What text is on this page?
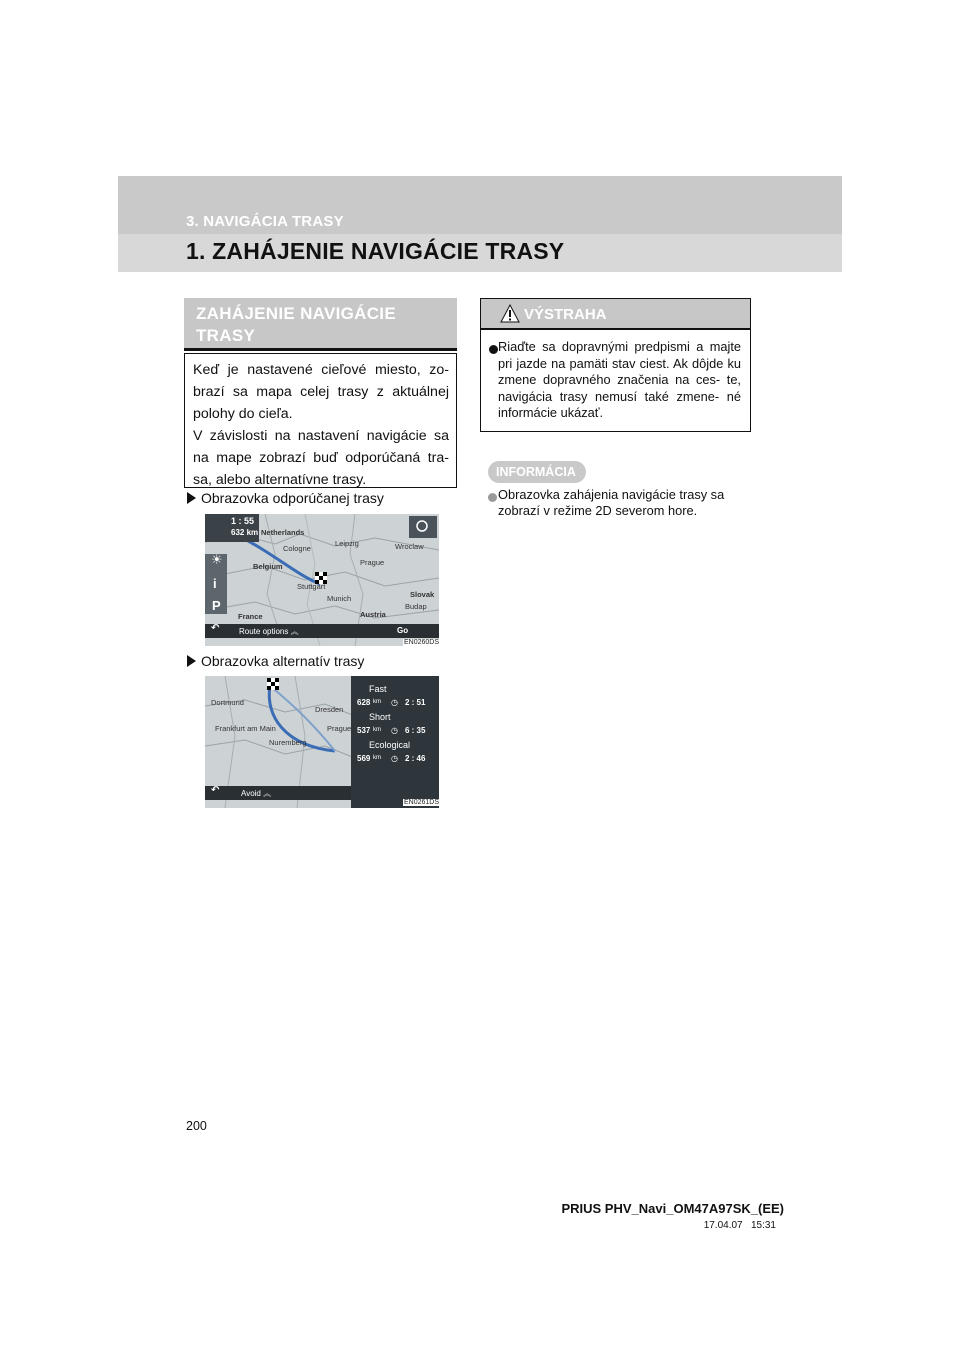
3. NAVIGÁCIA TRASY
1. ZAHÁJENIE NAVIGÁCIE TRASY
ZAHÁJENIE NAVIGÁCIE TRASY
Keď je nastavené cieľové miesto, zo- brazí sa mapa celej trasy z aktuálnej polohy do cieľa.
V závislosti na nastavení navigácie sa na mape zobrazí buď odporúčaná tra- sa, alebo alternatívne trasy.
Obrazovka odporúčanej trasy
1 : 55
632 km Netherlands
Leipzig	Wroclaw
Cologne
Belgium	Prague
Stuttgart
Munich	Slovak
Austria
Budap
France
☀
i
P
↶ Route options ︽	Go
EN0260DS
Obrazovka alternatív trasy
Dortmund
Dresden
Frankfurt am Main	Prague
Nuremberg
Fast
628 km ◷ 2 : 51
Short
537 km ◷ 6 : 35
Ecological
569 km ◷ 2 : 46
↶	Avoid ︽
EN0261DS
VÝSTRAHA
Riaďte sa dopravnými predpismi a majte pri jazde na pamäti stav ciest. Ak dôjde ku zmene dopravného značenia na ces- te, navigácia trasy nemusí také zmene- né informácie ukázať.
INFORMÁCIA
Obrazovka zahájenia navigácie trasy sa zobrazí v režime 2D severom hore.
200
PRIUS PHV_Navi_OM47A97SK_(EE)
17.04.07 15:31
